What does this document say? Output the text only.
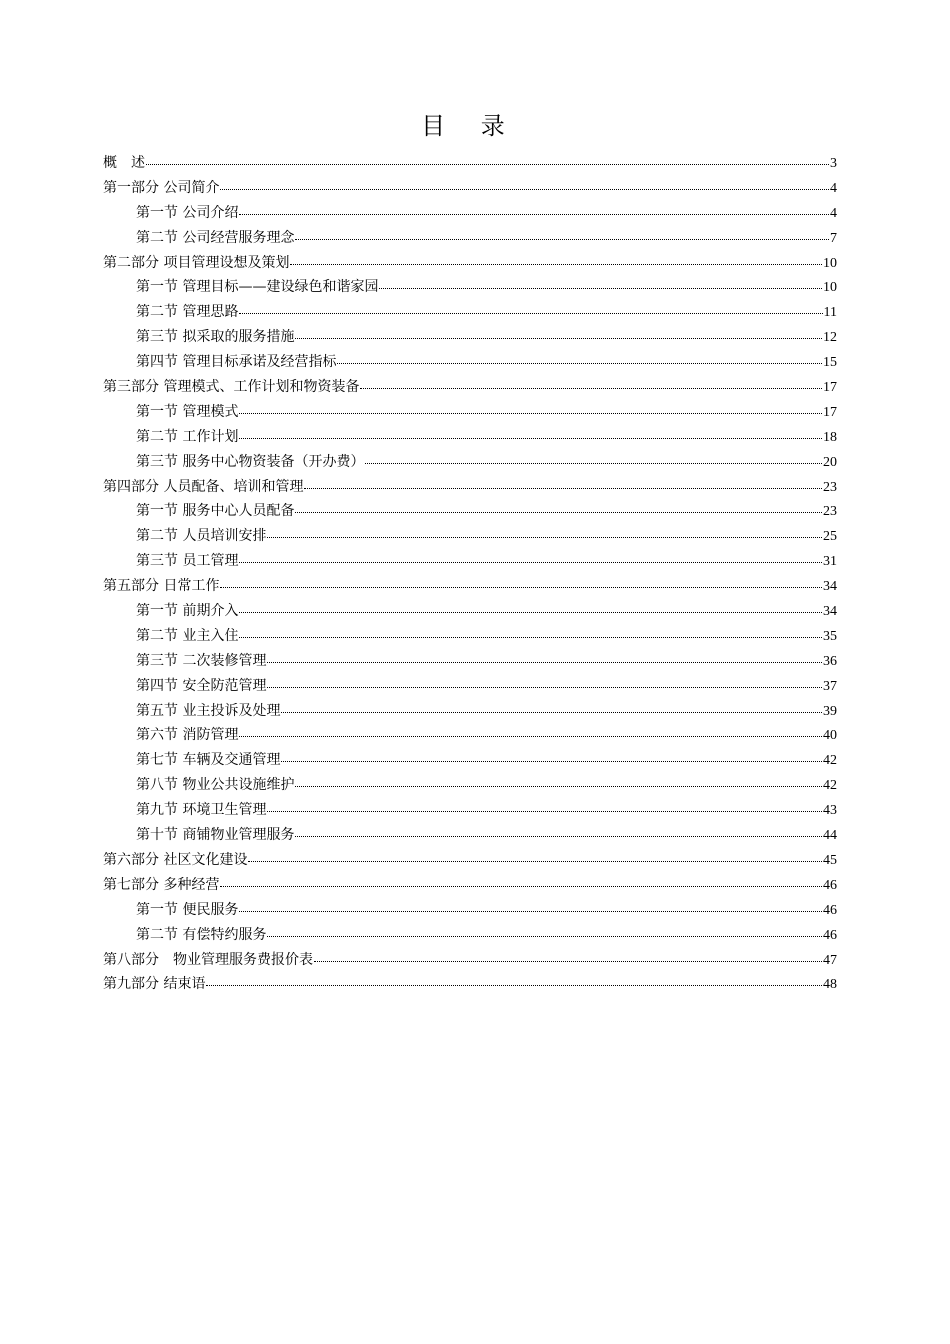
目 录
概　述	3
第一部分 公司简介	4
第一节 公司介绍	4
第二节 公司经营服务理念	7
第二部分 项目管理设想及策划	10
第一节 管理目标——建设绿色和谐家园	10
第二节 管理思路	11
第三节 拟采取的服务措施	12
第四节 管理目标承诺及经营指标	15
第三部分 管理模式、工作计划和物资装备	17
第一节 管理模式	17
第二节 工作计划	18
第三节 服务中心物资装备（开办费）	20
第四部分 人员配备、培训和管理	23
第一节 服务中心人员配备	23
第二节 人员培训安排	25
第三节 员工管理	31
第五部分 日常工作	34
第一节 前期介入	34
第二节 业主入住	35
第三节 二次装修管理	36
第四节 安全防范管理	37
第五节 业主投诉及处理	39
第六节 消防管理	40
第七节 车辆及交通管理	42
第八节 物业公共设施维护	42
第九节 环境卫生管理	43
第十节 商铺物业管理服务	44
第六部分 社区文化建设	45
第七部分 多种经营	46
第一节 便民服务	46
第二节 有偿特约服务	46
第八部分　物业管理服务费报价表	47
第九部分 结束语	48
